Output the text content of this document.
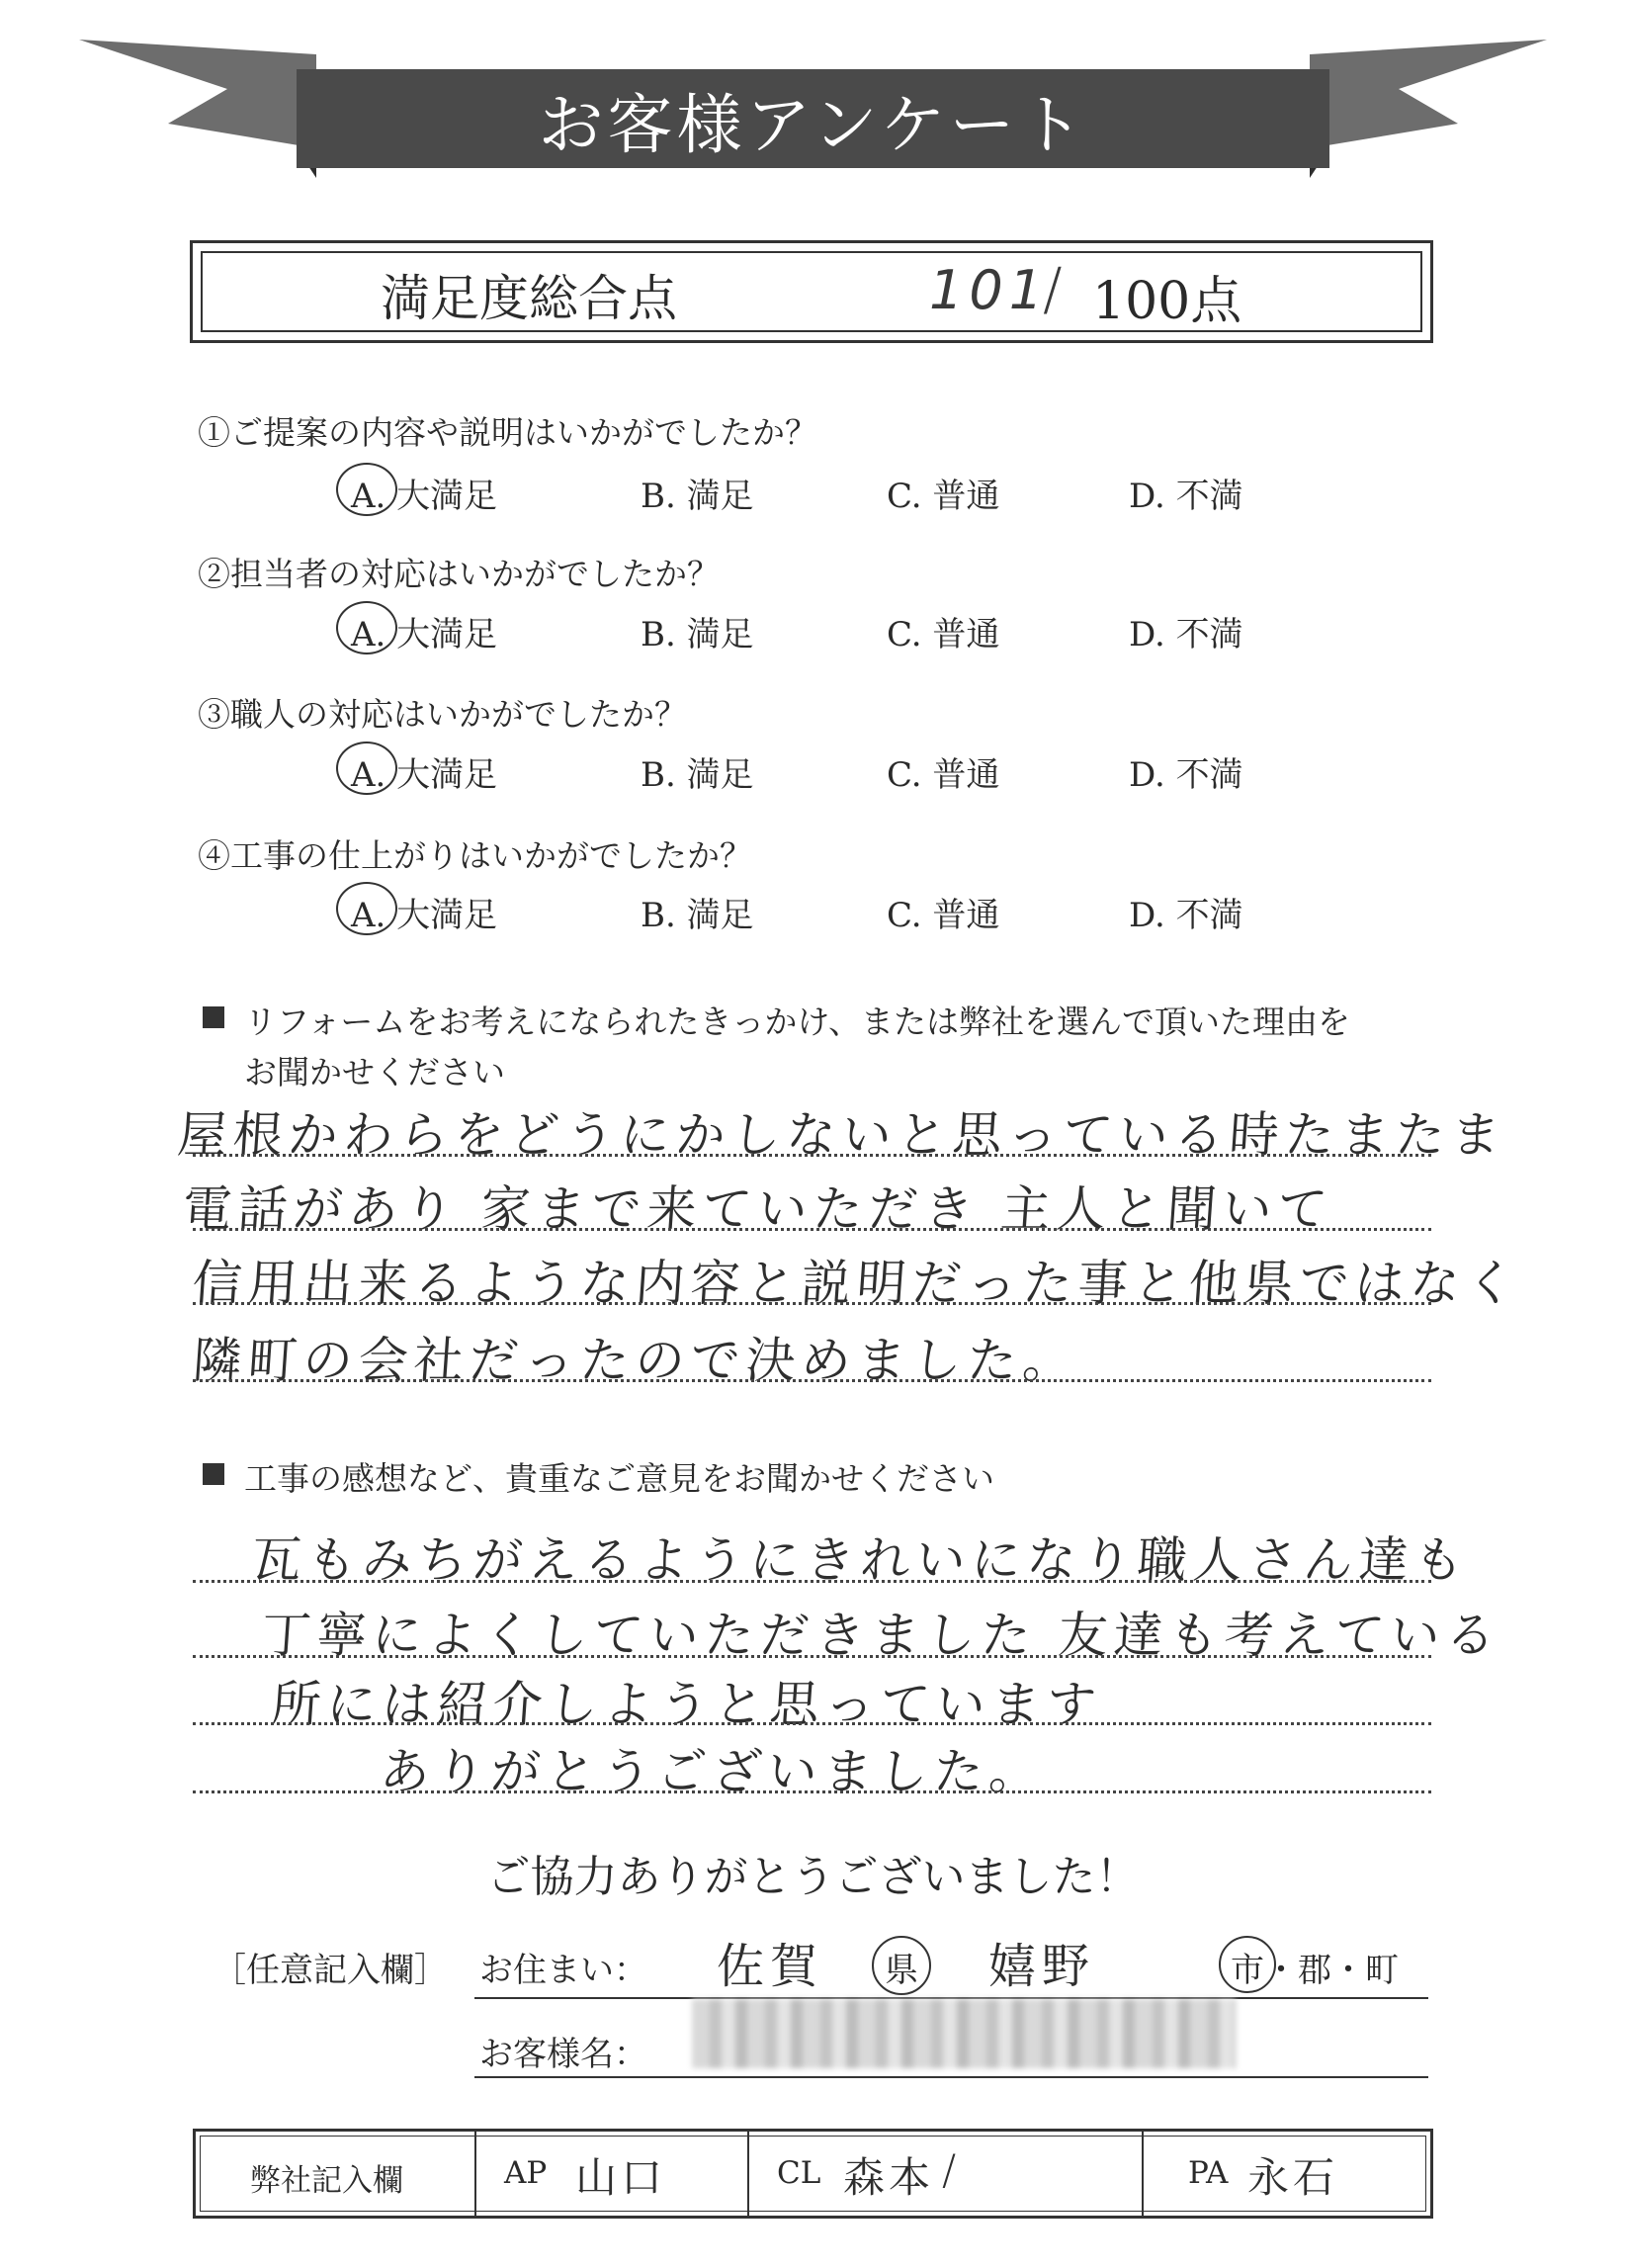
お客様アンケート
満足度総合点	101
/ 100点
①ご提案の内容や説明はいかがでしたか？
A. 大満足	B. 満足	C. 普通	D. 不満
②担当者の対応はいかがでしたか？
A. 大満足	B. 満足	C. 普通	D. 不満
③職人の対応はいかがでしたか？
A. 大満足	B. 満足	C. 普通	D. 不満
④工事の仕上がりはいかがでしたか？
A. 大満足	B. 満足	C. 普通	D. 不満
リフォームをお考えになられたきっかけ、または弊社を選んで頂いた理由を
お聞かせください
屋根かわらをどうにかしないと思っている時たまたま
電話があり 家まで来ていただき 主人と聞いて
信用出来るような内容と説明だった事と他県ではなく
隣町の会社だったので決めました。
工事の感想など、貴重なご意見をお聞かせください
瓦もみちがえるようにきれいになり職人さん達も
丁寧によくしていただきました 友達も考えている
所には紹介しようと思っています
ありがとうございました。
ご協力ありがとうございました！
［任意記入欄］ お住まい： 佐賀 県 嬉野	市・郡・町
お客様名：
弊社記入欄	AP 山口	CL 森本 /	PA 永石
